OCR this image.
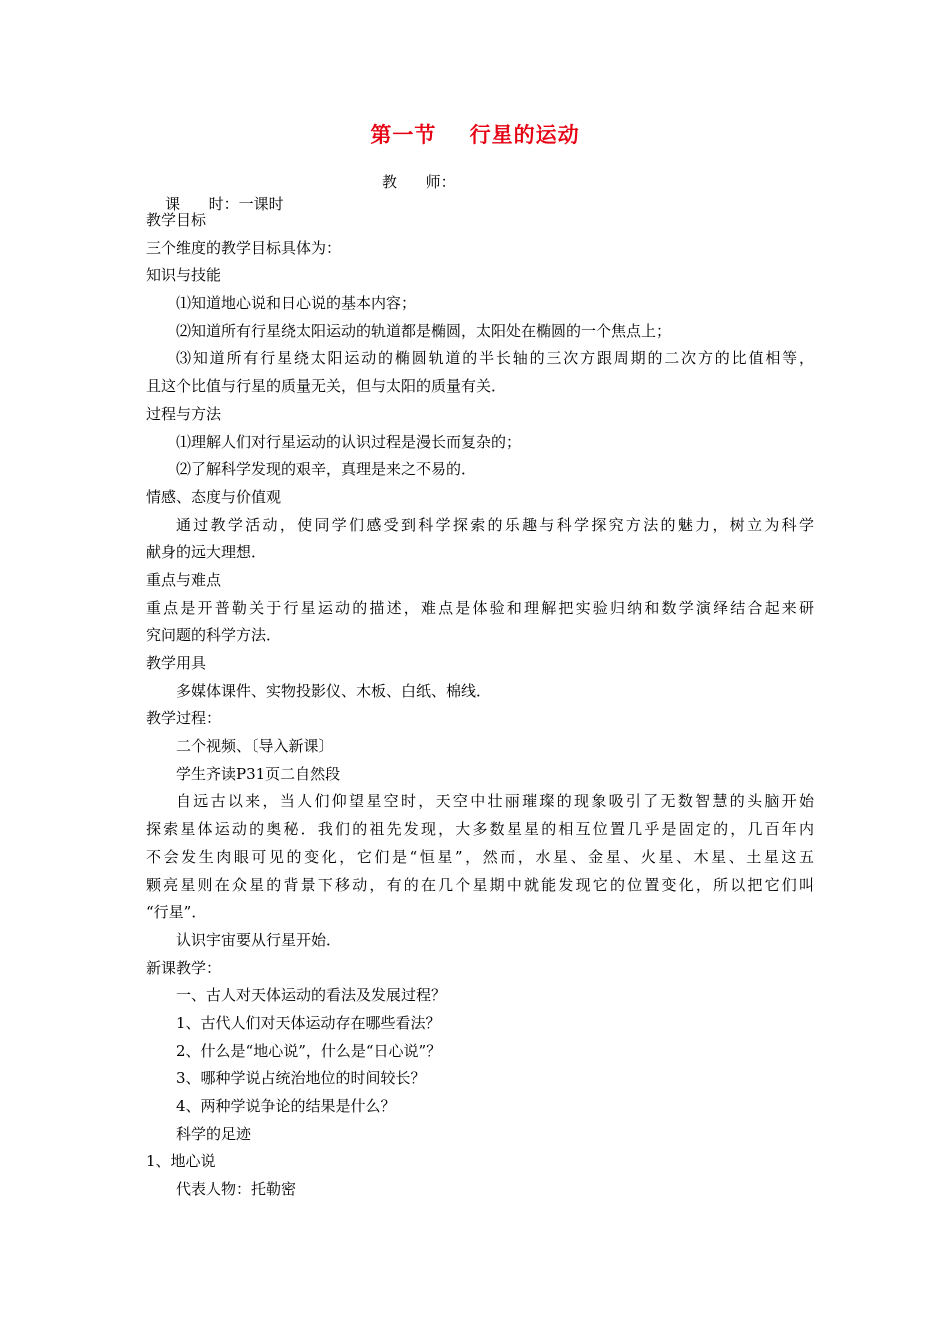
第一节    行星的运动

课      时：一课时

教      师：

教学目标

三个维度的教学目标具体为：

知识与技能

⑴知道地心说和日心说的基本内容；

⑵知道所有行星绕太阳运动的轨道都是椭圆，太阳处在椭圆的一个焦点上；

⑶知道所有行星绕太阳运动的椭圆轨道的半长轴的三次方跟周期的二次方的比值相等，

且这个比值与行星的质量无关，但与太阳的质量有关．

过程与方法

⑴理解人们对行星运动的认识过程是漫长而复杂的；

⑵了解科学发现的艰辛，真理是来之不易的．

情感、态度与价值观

通过教学活动，使同学们感受到科学探索的乐趣与科学探究方法的魅力，树立为科学

献身的远大理想．

重点与难点

重点是开普勒关于行星运动的描述，难点是体验和理解把实验归纳和数学演绎结合起来研

究问题的科学方法．

教学用具

多媒体课件、实物投影仪、木板、白纸、棉线．

教学过程：

二个视频、〔导入新课〕

学生齐读P31页二自然段

自远古以来，当人们仰望星空时，天空中壮丽璀璨的现象吸引了无数智慧的头脑开始

探索星体运动的奥秘．我们的祖先发现，大多数星星的相互位置几乎是固定的，几百年内

不会发生肉眼可见的变化，它们是“恒星”，然而，水星、金星、火星、木星、土星这五

颗亮星则在众星的背景下移动，有的在几个星期中就能发现它的位置变化，所以把它们叫

“行星”．

认识宇宙要从行星开始．

新课教学：

一、古人对天体运动的看法及发展过程？

1、古代人们对天体运动存在哪些看法？

2、什么是“地心说”，什么是“日心说”？

3、哪种学说占统治地位的时间较长？

4、两种学说争论的结果是什么？

科学的足迹

1、地心说

代表人物：托勒密
